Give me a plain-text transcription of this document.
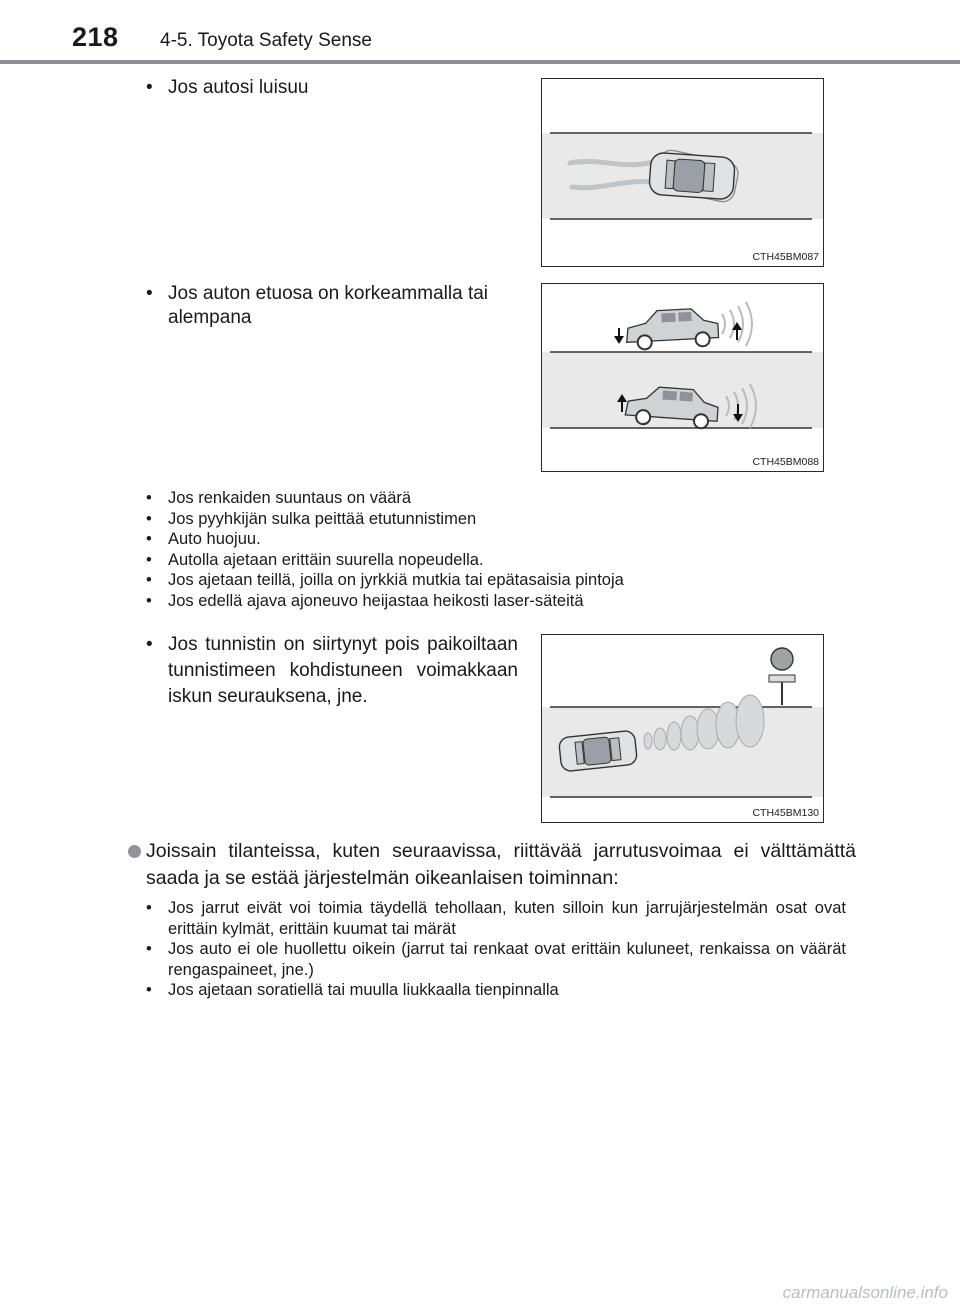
218 4-5. Toyota Safety Sense
• Jos autosi luisuu
CTH45BM087
• Jos auton etuosa on korkeammalla tai alempana
CTH45BM088
• Jos renkaiden suuntaus on väärä
• Jos pyyhkijän sulka peittää etutunnistimen
• Auto huojuu.
• Autolla ajetaan erittäin suurella nopeudella.
• Jos ajetaan teillä, joilla on jyrkkiä mutkia tai epätasaisia pintoja
• Jos edellä ajava ajoneuvo heijastaa heikosti laser-säteitä
• Jos tunnistin on siirtynyt pois paikoiltaan tunnistimeen kohdistuneen voimakkaan iskun seurauksena, jne.
CTH45BM130
Joissain tilanteissa, kuten seuraavissa, riittävää jarrutusvoimaa ei välttämättä saada ja se estää järjestelmän oikeanlaisen toiminnan:
• Jos jarrut eivät voi toimia täydellä tehollaan, kuten silloin kun jarrujärjestelmän osat ovat erittäin kylmät, erittäin kuumat tai märät
• Jos auto ei ole huollettu oikein (jarrut tai renkaat ovat erittäin kuluneet, renkaissa on väärät rengaspaineet, jne.)
• Jos ajetaan soratiellä tai muulla liukkaalla tienpinnalla
carmanualsonline.info
